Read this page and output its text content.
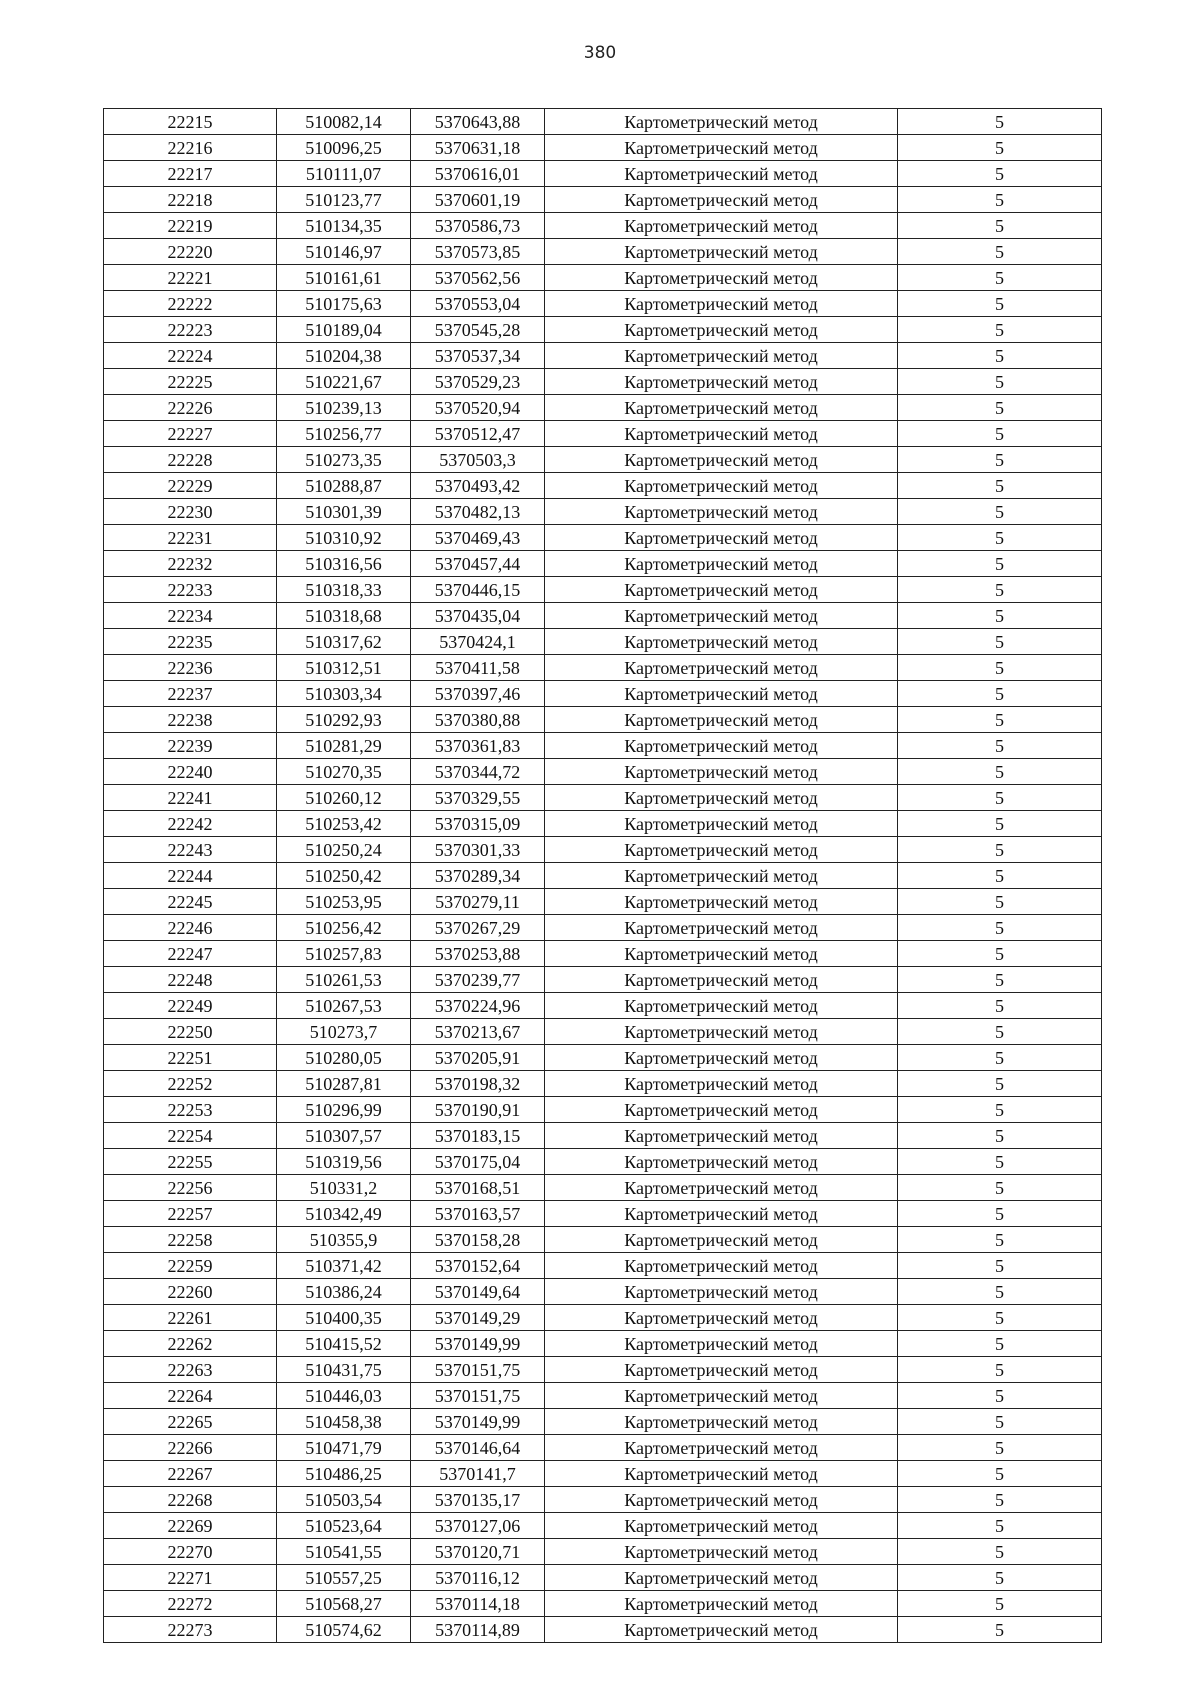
380
22215	510082,14	5370643,88	Картометрический метод	5
22216	510096,25	5370631,18	Картометрический метод	5
22217	510111,07	5370616,01	Картометрический метод	5
22218	510123,77	5370601,19	Картометрический метод	5
22219	510134,35	5370586,73	Картометрический метод	5
22220	510146,97	5370573,85	Картометрический метод	5
22221	510161,61	5370562,56	Картометрический метод	5
22222	510175,63	5370553,04	Картометрический метод	5
22223	510189,04	5370545,28	Картометрический метод	5
22224	510204,38	5370537,34	Картометрический метод	5
22225	510221,67	5370529,23	Картометрический метод	5
22226	510239,13	5370520,94	Картометрический метод	5
22227	510256,77	5370512,47	Картометрический метод	5
22228	510273,35	5370503,3	Картометрический метод	5
22229	510288,87	5370493,42	Картометрический метод	5
22230	510301,39	5370482,13	Картометрический метод	5
22231	510310,92	5370469,43	Картометрический метод	5
22232	510316,56	5370457,44	Картометрический метод	5
22233	510318,33	5370446,15	Картометрический метод	5
22234	510318,68	5370435,04	Картометрический метод	5
22235	510317,62	5370424,1	Картометрический метод	5
22236	510312,51	5370411,58	Картометрический метод	5
22237	510303,34	5370397,46	Картометрический метод	5
22238	510292,93	5370380,88	Картометрический метод	5
22239	510281,29	5370361,83	Картометрический метод	5
22240	510270,35	5370344,72	Картометрический метод	5
22241	510260,12	5370329,55	Картометрический метод	5
22242	510253,42	5370315,09	Картометрический метод	5
22243	510250,24	5370301,33	Картометрический метод	5
22244	510250,42	5370289,34	Картометрический метод	5
22245	510253,95	5370279,11	Картометрический метод	5
22246	510256,42	5370267,29	Картометрический метод	5
22247	510257,83	5370253,88	Картометрический метод	5
22248	510261,53	5370239,77	Картометрический метод	5
22249	510267,53	5370224,96	Картометрический метод	5
22250	510273,7	5370213,67	Картометрический метод	5
22251	510280,05	5370205,91	Картометрический метод	5
22252	510287,81	5370198,32	Картометрический метод	5
22253	510296,99	5370190,91	Картометрический метод	5
22254	510307,57	5370183,15	Картометрический метод	5
22255	510319,56	5370175,04	Картометрический метод	5
22256	510331,2	5370168,51	Картометрический метод	5
22257	510342,49	5370163,57	Картометрический метод	5
22258	510355,9	5370158,28	Картометрический метод	5
22259	510371,42	5370152,64	Картометрический метод	5
22260	510386,24	5370149,64	Картометрический метод	5
22261	510400,35	5370149,29	Картометрический метод	5
22262	510415,52	5370149,99	Картометрический метод	5
22263	510431,75	5370151,75	Картометрический метод	5
22264	510446,03	5370151,75	Картометрический метод	5
22265	510458,38	5370149,99	Картометрический метод	5
22266	510471,79	5370146,64	Картометрический метод	5
22267	510486,25	5370141,7	Картометрический метод	5
22268	510503,54	5370135,17	Картометрический метод	5
22269	510523,64	5370127,06	Картометрический метод	5
22270	510541,55	5370120,71	Картометрический метод	5
22271	510557,25	5370116,12	Картометрический метод	5
22272	510568,27	5370114,18	Картометрический метод	5
22273	510574,62	5370114,89	Картометрический метод	5
